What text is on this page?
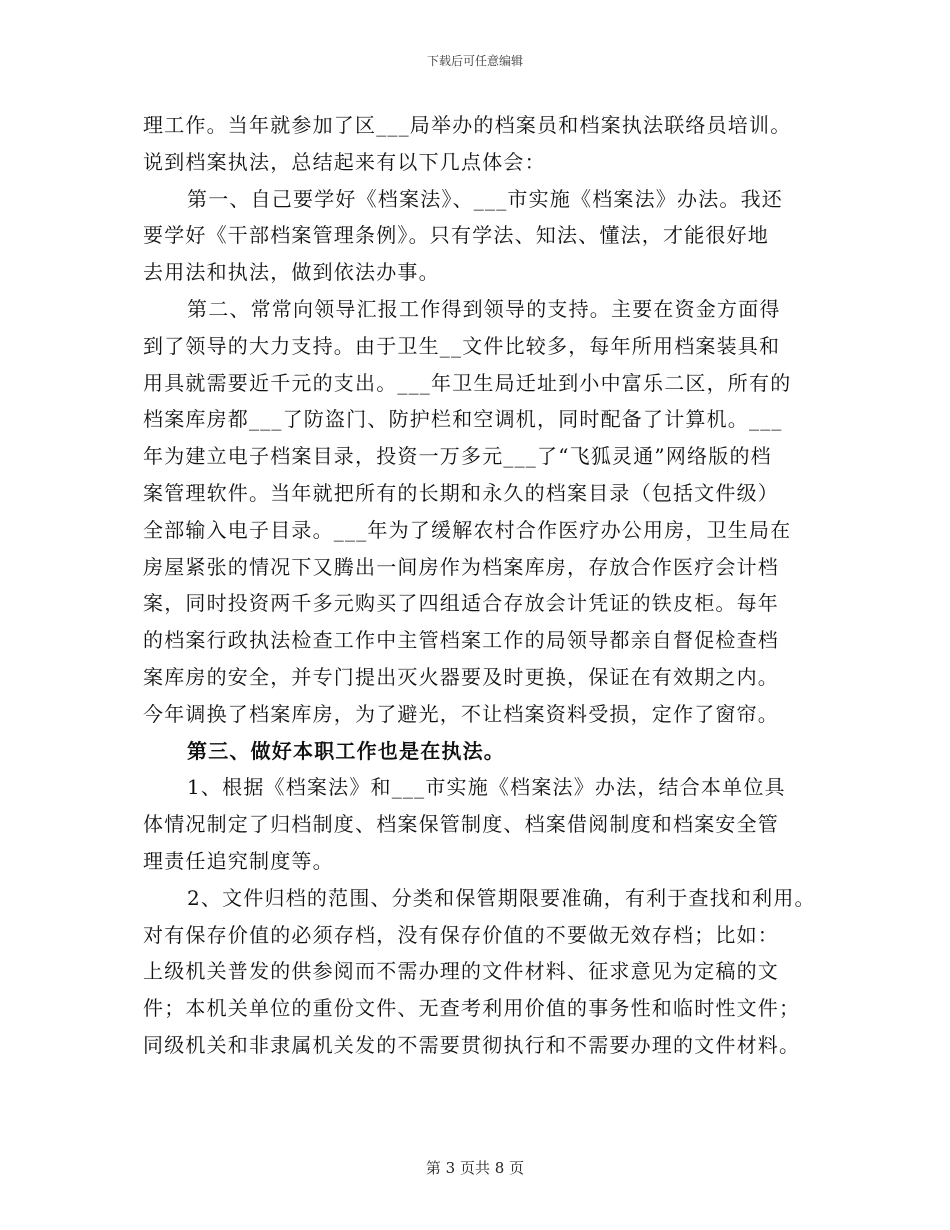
下载后可任意编辑
理工作。当年就参加了区___局举办的档案员和档案执法联络员培训。
说到档案执法，总结起来有以下几点体会：
第一、自己要学好《档案法》、___市实施《档案法》办法。我还
要学好《干部档案管理条例》。只有学法、知法、懂法，才能很好地
去用法和执法，做到依法办事。
第二、常常向领导汇报工作得到领导的支持。主要在资金方面得
到了领导的大力支持。由于卫生__文件比较多，每年所用档案装具和
用具就需要近千元的支出。___年卫生局迁址到小中富乐二区，所有的
档案库房都___了防盗门、防护栏和空调机，同时配备了计算机。___
年为建立电子档案目录，投资一万多元___了“飞狐灵通”网络版的档
案管理软件。当年就把所有的长期和永久的档案目录（包括文件级）
全部输入电子目录。___年为了缓解农村合作医疗办公用房，卫生局在
房屋紧张的情况下又腾出一间房作为档案库房，存放合作医疗会计档
案，同时投资两千多元购买了四组适合存放会计凭证的铁皮柜。每年
的档案行政执法检查工作中主管档案工作的局领导都亲自督促检查档
案库房的安全，并专门提出灭火器要及时更换，保证在有效期之内。
今年调换了档案库房，为了避光，不让档案资料受损，定作了窗帘。
第三、做好本职工作也是在执法。
1、根据《档案法》和___市实施《档案法》办法，结合本单位具
体情况制定了归档制度、档案保管制度、档案借阅制度和档案安全管
理责任追究制度等。
2、文件归档的范围、分类和保管期限要准确，有利于查找和利用。
对有保存价值的必须存档，没有保存价值的不要做无效存档；比如：
上级机关普发的供参阅而不需办理的文件材料、征求意见为定稿的文
件；本机关单位的重份文件、无查考利用价值的事务性和临时性文件；
同级机关和非隶属机关发的不需要贯彻执行和不需要办理的文件材料。
第 3 页共 8 页
